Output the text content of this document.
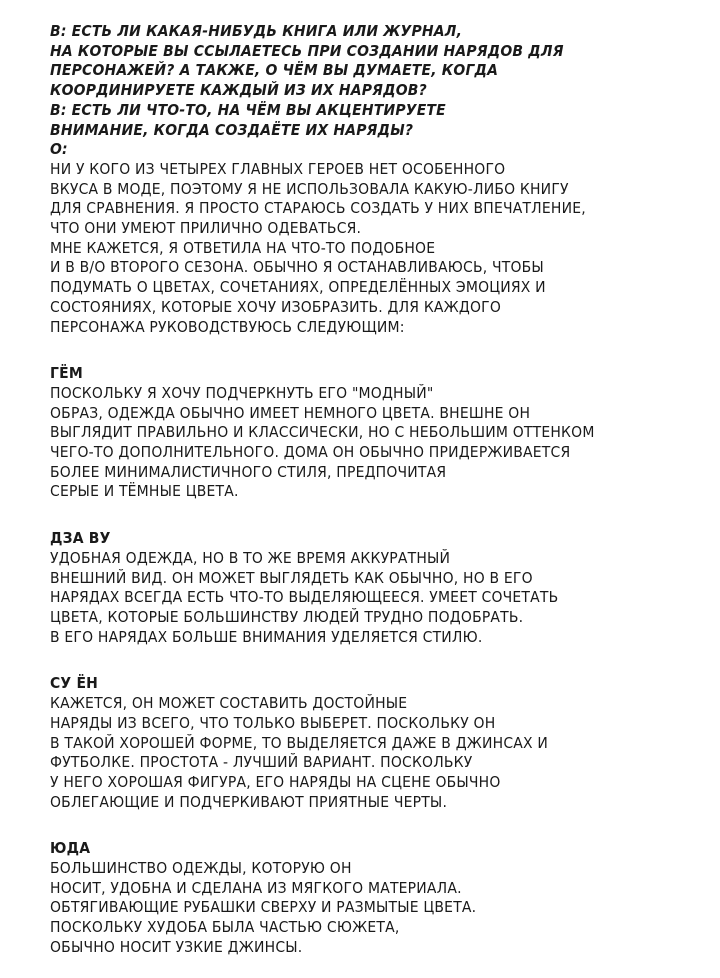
В: ЕСТЬ ЛИ КАКАЯ-НИБУДЬ КНИГА ИЛИ ЖУРНАЛ,
НА КОТОРЫЕ ВЫ ССЫЛАЕТЕСЬ ПРИ СОЗДАНИИ НАРЯДОВ ДЛЯ
ПЕРСОНАЖЕЙ? А ТАКЖЕ, О ЧЁМ ВЫ ДУМАЕТЕ, КОГДА
КООРДИНИРУЕТЕ КАЖДЫЙ ИЗ ИХ НАРЯДОВ?
В: ЕСТЬ ЛИ ЧТО-ТО, НА ЧЁМ ВЫ АКЦЕНТИРУЕТЕ
ВНИМАНИЕ, КОГДА СОЗДАЁТЕ ИХ НАРЯДЫ?
О:
НИ У КОГО ИЗ ЧЕТЫРЕХ ГЛАВНЫХ ГЕРОЕВ НЕТ ОСОБЕННОГО
ВКУСА В МОДЕ, ПОЭТОМУ Я НЕ ИСПОЛЬЗОВАЛА КАКУЮ-ЛИБО КНИГУ
ДЛЯ СРАВНЕНИЯ. Я ПРОСТО СТАРАЮСЬ СОЗДАТЬ У НИХ ВПЕЧАТЛЕНИЕ,
ЧТО ОНИ УМЕЮТ ПРИЛИЧНО ОДЕВАТЬСЯ.
МНЕ КАЖЕТСЯ, Я ОТВЕТИЛА НА ЧТО-ТО ПОДОБНОЕ
И В В/О ВТОРОГО СЕЗОНА. ОБЫЧНО Я ОСТАНАВЛИВАЮСЬ, ЧТОБЫ
ПОДУМАТЬ О ЦВЕТАХ, СОЧЕТАНИЯХ, ОПРЕДЕЛЁННЫХ ЭМОЦИЯХ И
СОСТОЯНИЯХ, КОТОРЫЕ ХОЧУ ИЗОБРАЗИТЬ. ДЛЯ КАЖДОГО
ПЕРСОНАЖА РУКОВОДСТВУЮСЬ СЛЕДУЮЩИМ:
ГЁМ
ПОСКОЛЬКУ Я ХОЧУ ПОДЧЕРКНУТЬ ЕГО "МОДНЫЙ"
ОБРАЗ, ОДЕЖДА ОБЫЧНО ИМЕЕТ НЕМНОГО ЦВЕТА. ВНЕШНЕ ОН
ВЫГЛЯДИТ ПРАВИЛЬНО И КЛАССИЧЕСКИ, НО С НЕБОЛЬШИМ ОТТЕНКОМ
ЧЕГО-ТО ДОПОЛНИТЕЛЬНОГО. ДОМА ОН ОБЫЧНО ПРИДЕРЖИВАЕТСЯ
БОЛЕЕ МИНИМАЛИСТИЧНОГО СТИЛЯ, ПРЕДПОЧИТАЯ
СЕРЫЕ И ТЁМНЫЕ ЦВЕТА.
ДЗА ВУ
УДОБНАЯ ОДЕЖДА, НО В ТО ЖЕ ВРЕМЯ АККУРАТНЫЙ
ВНЕШНИЙ ВИД. ОН МОЖЕТ ВЫГЛЯДЕТЬ КАК ОБЫЧНО, НО В ЕГО
НАРЯДАХ ВСЕГДА ЕСТЬ ЧТО-ТО ВЫДЕЛЯЮЩЕЕСЯ. УМЕЕТ СОЧЕТАТЬ
ЦВЕТА, КОТОРЫЕ БОЛЬШИНСТВУ ЛЮДЕЙ ТРУДНО ПОДОБРАТЬ.
В ЕГО НАРЯДАХ БОЛЬШЕ ВНИМАНИЯ УДЕЛЯЕТСЯ СТИЛЮ.
СУ ЁН
КАЖЕТСЯ, ОН МОЖЕТ СОСТАВИТЬ ДОСТОЙНЫЕ
НАРЯДЫ ИЗ ВСЕГО, ЧТО ТОЛЬКО ВЫБЕРЕТ. ПОСКОЛЬКУ ОН
В ТАКОЙ ХОРОШЕЙ ФОРМЕ, ТО ВЫДЕЛЯЕТСЯ ДАЖЕ В ДЖИНСАХ И
ФУТБОЛКЕ. ПРОСТОТА - ЛУЧШИЙ ВАРИАНТ. ПОСКОЛЬКУ
У НЕГО ХОРОШАЯ ФИГУРА, ЕГО НАРЯДЫ НА СЦЕНЕ ОБЫЧНО
ОБЛЕГАЮЩИЕ И ПОДЧЕРКИВАЮТ ПРИЯТНЫЕ ЧЕРТЫ.
ЮДА
БОЛЬШИНСТВО ОДЕЖДЫ, КОТОРУЮ ОН
НОСИТ, УДОБНА И СДЕЛАНА ИЗ МЯГКОГО МАТЕРИАЛА.
ОБТЯГИВАЮЩИЕ РУБАШКИ СВЕРХУ И РАЗМЫТЫЕ ЦВЕТА.
ПОСКОЛЬКУ ХУДОБА БЫЛА ЧАСТЬЮ СЮЖЕТА,
ОБЫЧНО НОСИТ УЗКИЕ ДЖИНСЫ.
